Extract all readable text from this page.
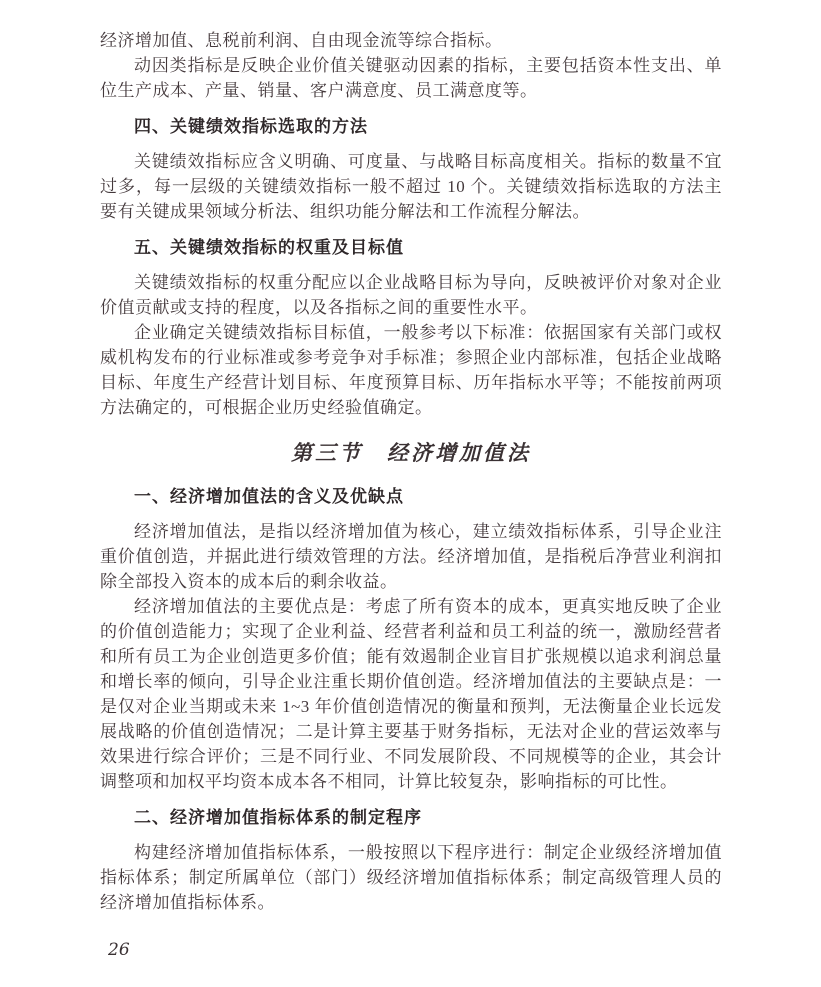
经济增加值、息税前利润、自由现金流等综合指标。

动因类指标是反映企业价值关键驱动因素的指标，主要包括资本性支出、单位生产成本、产量、销量、客户满意度、员工满意度等。

四、关键绩效指标选取的方法

关键绩效指标应含义明确、可度量、与战略目标高度相关。指标的数量不宜过多，每一层级的关键绩效指标一般不超过 10 个。关键绩效指标选取的方法主要有关键成果领域分析法、组织功能分解法和工作流程分解法。

五、关键绩效指标的权重及目标值

关键绩效指标的权重分配应以企业战略目标为导向，反映被评价对象对企业价值贡献或支持的程度，以及各指标之间的重要性水平。

企业确定关键绩效指标目标值，一般参考以下标准：依据国家有关部门或权威机构发布的行业标准或参考竞争对手标准；参照企业内部标准，包括企业战略目标、年度生产经营计划目标、年度预算目标、历年指标水平等；不能按前两项方法确定的，可根据企业历史经验值确定。

第三节　经济增加值法
一、经济增加值法的含义及优缺点

经济增加值法，是指以经济增加值为核心，建立绩效指标体系，引导企业注重价值创造，并据此进行绩效管理的方法。经济增加值，是指税后净营业利润扣除全部投入资本的成本后的剩余收益。

经济增加值法的主要优点是：考虑了所有资本的成本，更真实地反映了企业的价值创造能力；实现了企业利益、经营者利益和员工利益的统一，激励经营者和所有员工为企业创造更多价值；能有效遏制企业盲目扩张规模以追求利润总量和增长率的倾向，引导企业注重长期价值创造。经济增加值法的主要缺点是：一是仅对企业当期或未来 1~3 年价值创造情况的衡量和预判，无法衡量企业长远发展战略的价值创造情况；二是计算主要基于财务指标，无法对企业的营运效率与效果进行综合评价；三是不同行业、不同发展阶段、不同规模等的企业，其会计调整项和加权平均资本成本各不相同，计算比较复杂，影响指标的可比性。

二、经济增加值指标体系的制定程序

构建经济增加值指标体系，一般按照以下程序进行：制定企业级经济增加值指标体系；制定所属单位（部门）级经济增加值指标体系；制定高级管理人员的经济增加值指标体系。

26
